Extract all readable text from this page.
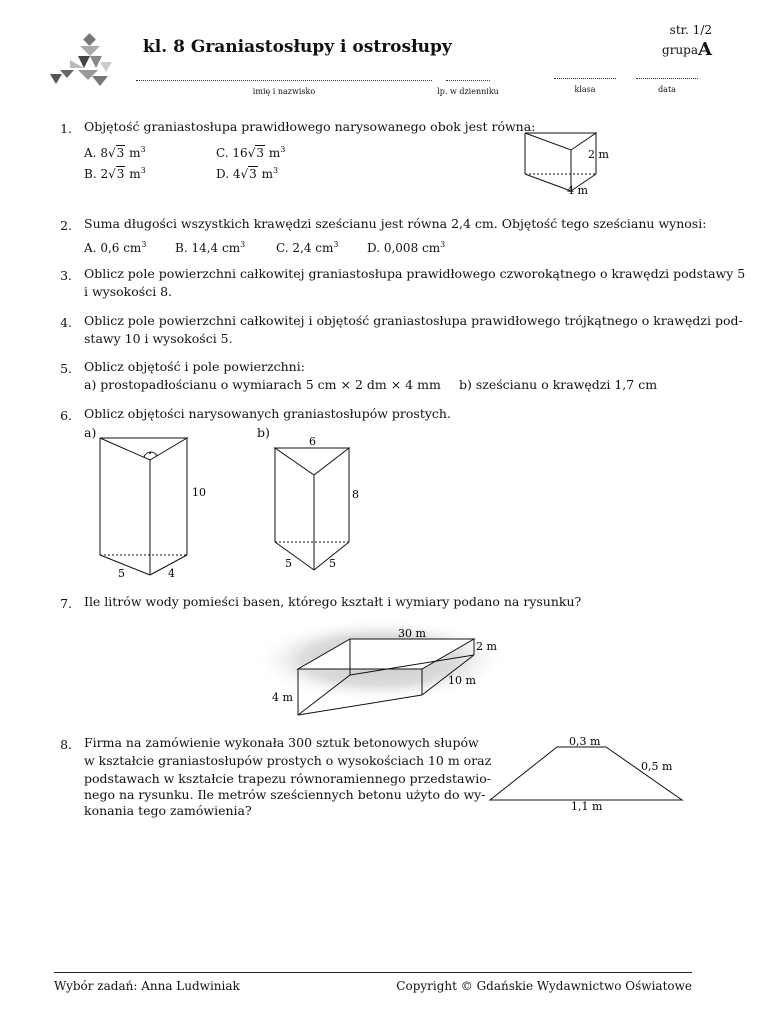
kl. 8 Graniastosłupy i ostrosłupy
str. 1/2
grupa A
imię i nazwisko	lp. w dzienniku	klasa	data
1. Objętość graniastosłupa prawidłowego narysowanego obok jest równa:
A. 8√3 $m^3$	C. 16√3 $m^3$
B. 2√3 $m^3$	D. 4√3 $m^3$
2 m
4 m
2. Suma długości wszystkich krawędzi sześcianu jest równa 2,4 cm. Objętość tego sześcianu wynosi:
A. 0,6 $cm^3$ B. 14,4 $cm^3$	C. 2,4 $cm^3$ D. 0,008 $cm^3$
3. Oblicz pole powierzchni całkowitej graniastosłupa prawidłowego czworokątnego o krawędzi podstawy 5
i wysokości 8.
4. Oblicz pole powierzchni całkowitej i objętość graniastosłupa prawidłowego trójkątnego o krawędzi pod-
stawy 10 i wysokości 5.
5. Oblicz objętość i pole powierzchni:
a) prostopadłościanu o wymiarach 5 cm × 2 dm × 4 mm b) sześcianu o krawędzi 1,7 cm
6. Oblicz objętości narysowanych graniastosłupów prostych.
a)	b)
10
5	4
6
8
5	5
7. Ile litrów wody pomieści basen, którego kształt i wymiary podano na rysunku?
30 m
2 m
10 m
4 m
8. Firma na zamówienie wykonała 300 sztuk betonowych słupów
w kształcie graniastosłupów prostych o wysokościach 10 m oraz
podstawach w kształcie trapezu równoramiennego przedstawio-
nego na rysunku. Ile metrów sześciennych betonu użyto do wy-
konania tego zamówienia?
0,3 m
0,5 m
1,1 m
Wybór zadań: Anna Ludwiniak	Copyright © Gdańskie Wydawnictwo Oświatowe
